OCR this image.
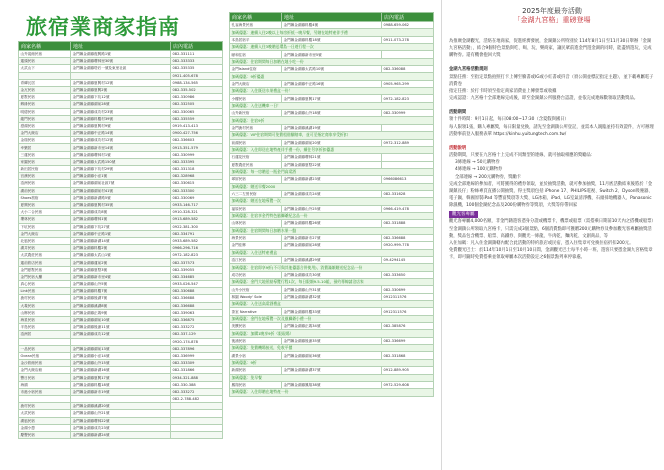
旅宿業商家指南
商家名稱	地址	店內電話
山外賓館民宿	金門縣金湖鎮復興路1號	082-331111
蓮頭民宿	金門縣金湖鎮瓊林里30號	082-333333
太武山下	金門縣金湖鎮塔后一號及東里社區	082-335335
		0921-405-678
青磚瓦居	金門縣金湖鎮夏興村12號	0988-134-565
金瓦民宿	金門縣金湖鎮夏興2號	082-335-502
夏墅民宿	金門縣金湖鎮下坑12號	082-330986
鄉緣民宿	金門縣金湖鎮湖前28號	082-332505
明德民宿	金門縣金湖鎮成功村23號	082-330065
龍門民宿	金門縣金湖鎮料羅村39號	082-335559
澄湖民宿	金門縣金湖鎮夏興村9號	0919-413-413
金門大飯店	金門縣金湖鎮中正路14號	0900-427-756
金瑞民宿	金門縣金湖鎮成功村12號	082-336603
幸樂居	金門縣金湖鎮新市里14號	0913-351-579
三蓮民宿	金門縣金湖鎮瓊林村1號	082-330999
家圓民宿	金門縣金湖鎮太武路150號	082-333395
新田居民宿	金門縣金湖鎮下坑村29號	082-331318
官澳民宿	金門縣金湖鎮小徑1號	082-328968
浯洲民宿	金門縣金湖鎮湖前社區7號	082-330615
湖前民宿	金門縣金湖鎮湖前村41號	082-333300
Shoes旅宿	金門縣金湖鎮新湖路5號	082-330069
夏興民宿	金門縣金湖鎮夏興村35號	0933-146-717
大小二合民宿	金門縣金湖鎮成功8號	0910-328-321
瓊林民宿	金門縣金湖鎮瓊林1號	0913-689-582
下坑民宿	金門縣金湖鎮下坑27號	0922-381-300
金門大飯店	金門縣金湖鎮中正路1號	082-334791
北風民宿	金門縣金湖鎮新湖14號	0933-689-582
湖井民宿	金門縣金湖鎮料羅2號	0966-296-716
太武農莊民宿	金門縣金湖鎮太武山1號	0972-182-823
蓮前旅店民宿	金門縣金湖鎮蓮前2號	082-337573
金門夏墅民宿	金門縣金湖鎮夏墅3號	082-339055
金門民宿大廳	金門縣金湖鎮新市里4號	082-334685
真心民宿	金門縣金湖鎮山外5號	0933-026-547
Link民宿	金門縣金湖鎮料羅7號	082-330688
漁村民宿	金門縣金湖鎮後湖7號	082-336688
大義民宿	金門縣金湖鎮溪湖8號	082-336688
山鄉民宿	金門縣金湖鎮正義9號	082-339063
海星民宿	金門縣金湖鎮湖前10號	082-336875
半島民宿	金門縣金湖鎮後浦11號	082-333272
浯洲居	金門縣金湖鎮成功12號	082-337-129
		0920-174-878
一品民宿	金門縣金湖鎮湖前13號	082-337896
Ocean民宿	金門縣金湖鎮小徑14號	082-336999
金沙旅館民宿	金門縣金湖鎮山外15號	082-333309
金門大飯店館	金門縣金湖鎮新湖16號	082-331866
豐日民宿	金門縣金湖鎮夏興17號	0934-321-888
海韻	金門縣金湖鎮料羅18號	082-330-388
市港小宿民宿	金門縣金湖鎮新市19號	082-333272
		082-2-788-482
漁村民宿	金門縣金湖鎮溪湖20號	
太武民宿	金門縣金湖鎮山外21號	
湖風民宿	金門縣金湖鎮瓊林22號	
金湖小憩	金門縣金湖鎮成功23號	
慶豐民宿	金門縣金湖鎮新湖24號	
商家名稱	地址	店內電話
孔雀海景民宿	金門縣金湖鎮料羅4號	0988-659-062
加碼優惠：連續入住2晚以上每房折抵一晚早餐，另贈在地特產伴手禮		
本鳥居宿平	金門縣金湖鎮料羅18號	0911-073-278
加碼優惠：連續入住3晚贈送環島一日遊行程一次		
頤和住宿	金門縣金湖鎮新市里5號	
加碼優惠：住宿期間每日加贈在地小吃一份		
金門Island住宿	金門縣金湖鎮太武路10號	082-336088
加碼優惠：9折優惠		
金門大飯店	金門縣金湖鎮中正路16號	0905-965-299
加碼優惠：入住既送水果禮盒一份！		
小樓民宿	金門縣金湖鎮夏興17號	0972-182-823
加碼優惠：入住送機車一日！		
山外新民宿	金門縣金湖鎮山外18號	082-330999
加碼優惠：住宿9折		
金門漁村民宿	金門縣金湖鎮溪湖19號	
加碼優惠：VIP住宿期間可免費租借腳踏車，並可至指定商家享受折扣		
前湖民宿	金門縣金湖鎮湖前20號	0972-312-889
加碼優惠：入住即送在地特產伴手禮一份，續住另享折扣優惠		
石蓮花民宿	金門縣金湖鎮瓊林21號	
夏墅農莊民宿	金門縣金湖鎮夏墅22號	
加碼優惠：每一房贈送一瓶金門高粱酒		
翠屏民宿	金門縣金湖鎮新湖23號	0966086613
加碼優惠：贈送早餐2000		
六三二左營民宿	金門縣金湖鎮成功24號	082-331628
加碼優惠：贈送在地導覽一次		
福原民宿	金門縣金湖鎮山外25號	0966-419-478
加碼優惠：住宿享金門特色風獅爺紀念品一份		
山林民宿	金門縣金湖鎮料羅26號	082-331888
加碼優惠：住宿期間每日加贈水果一盤		
海景民宿	金門縣金湖鎮新市27號	082-336688
金門佳鄉	金門縣金湖鎮湖前28號	0920-999-778
加碼優惠：入住送特產禮盒		
浯江民宿	金門縣金湖鎮溪湖29號	09-4294145
加碼優惠：住宿即享9折(不可與其他優惠合併使用)，消費滿額贈送紀念品一份		
成功民宿	金門縣金湖鎮成功30號	082-333650
加碼優惠：金門大地景點導覽行程1次，每日限額9.5-10組，預約專線請洽店家		
山外小民宿	金門縣金湖鎮山外31號	082-330699
林園 Woody' Sole	金門縣金湖鎮新湖32號	0912311576
加碼優惠：入住送高粱酒禮盒		
茶室 Narrative	金門縣金湖鎮料羅33號	0912311576
加碼優惠：金門在地導覽一次及風獅爺小禮一份		
美饌民宿	金門縣金湖鎮正義34號	082-385876
加碼優惠：加購1晚享9折（限現場）		
後浦民宿	金門縣金湖鎮後浦35號	082-336699
加碼優惠：免費機場接送，免收平價		
湖景小宿	金門縣金湖鎮湖前36號	082-331868
加碼優惠：9折		
新湖民宿	金門縣金湖鎮新湖37號	0912-889-905
加碼優惠：免早餐		
鳳翔民宿	金門縣金湖鎮鳳翔38號	0972-529-608
加碼優惠：入住即贈在地特產一份		
2025年度最夯活動
「金湖九宮格」重磅登場

為推廣金湖觀光，活絡在地商家，促進經濟發展，金湖鎮公所特別於 114年8月1日至11月30日舉辦「金湖九宮格活動」，結合9個特色景點與吃、喝、玩、樂商家，讓民眾前進金門遊金湖的同時，能盡情遊玩，完成購物券。還有機會抱回大獎

金湖九宮格活動規則

景點任務：至指定景點拍照打卡上傳至臉書或IG或小紅書或抖音（須公開並標記指定主題），並下載專屬電子消費卷

指定任務：於打卡時須至指定商家消費並上傳發票或收據

完成認證：九宮格十全部連線完成後，即至金湖鎮公所服務台認證，並依完成連線數領取活動獎品。

活動期間

領十件時間：9月1日起，每日08:00~17:30（含夏假與國日）

每人限領1張，購人專屬獎，每日限量兌換，請先至金湖鎮公所登記，並需本人親臨並持有效證件，方可辦理

活動事前登入服務表單 https://kinhu.yuitungtech.com.tw/

活動說明

活動期間，只要在九宮格十上完成不同類型的連線，就可抽取相應的獎勵品：

3條連線 → 50元購物券

4條連線 → 100元購物券

全部連線 → 200元購物券，獎勵卡

完成全部連線的參加者，可將獲得的禮券領取，並於抽獎活動，就可參加抽獎，11月底活動結束後將於「金湖鎮長仔」粉絲專頁直播公開抽獎，得主獎項包括 iPhone 17、PHILIPS電視、Switch 2、Dyson吸塵器、電子鍋、韓國原裝iPad 等豐富獎項等大獎、LG冰箱、iPad、LG室氣清淨機、石頭掃地機器人、Panasonic除濕機，100個金湖紀念品及200份購物券等獎項，大獎等你帶回家

觀光客專屬

觀光客專屬4,000名額，非金門籍遊客憑身分證或機票卡，機票或船票（需搭乘日期前10天內之搭機或船票）至金湖鎮公所領取九宮格卡，只需完成3個景點，6個消費點即可獲贈200元購物券及參加觀光客專屬抽獎活動，獎品包含機票、船票、高鐵券、與觀光一條龍，牛肉乾，麵肉乾、文創商品，等

入住加碼：凡入住金湖鎮轄內配合此活動的特約旅店或民宿，憑入住集章可兌換住宿折扣200元。

免費觀光巴士：於114年10月1日至10月10日間，金湖觀光巴士每半小時一班，遊客只要憑金湖九宮格集章卡，即可隨時免費搭乘並領取專屬本次活動設定之6個景點列車停靠處。
